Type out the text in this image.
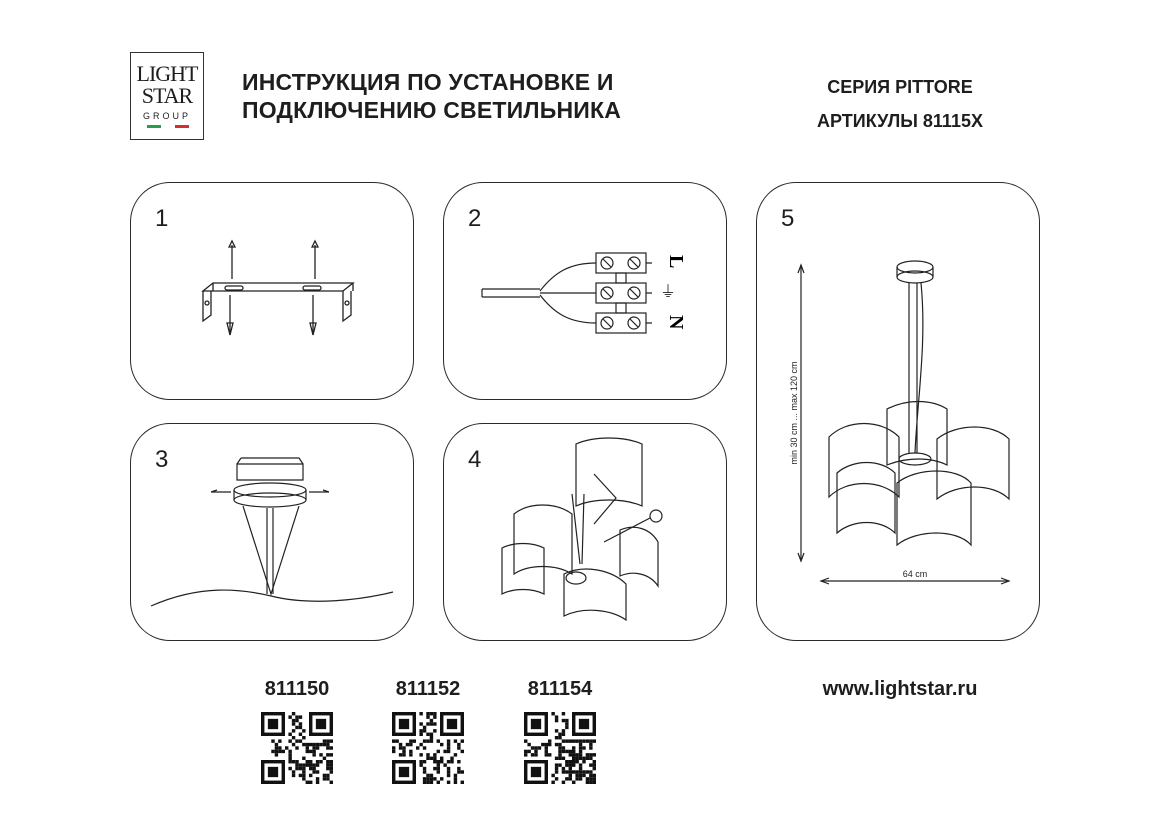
LIGHT
STAR
GROUP
ИНСТРУКЦИЯ ПО УСТАНОВКЕ И
ПОДКЛЮЧЕНИЮ СВЕТИЛЬНИКА
СЕРИЯ PITTORE
АРТИКУЛЫ 81115X
1	2
L
⏚
N
3	4
5
min 30 cm ... max 120 cm
64 cm
811150	811152	811154	www.lightstar.ru
